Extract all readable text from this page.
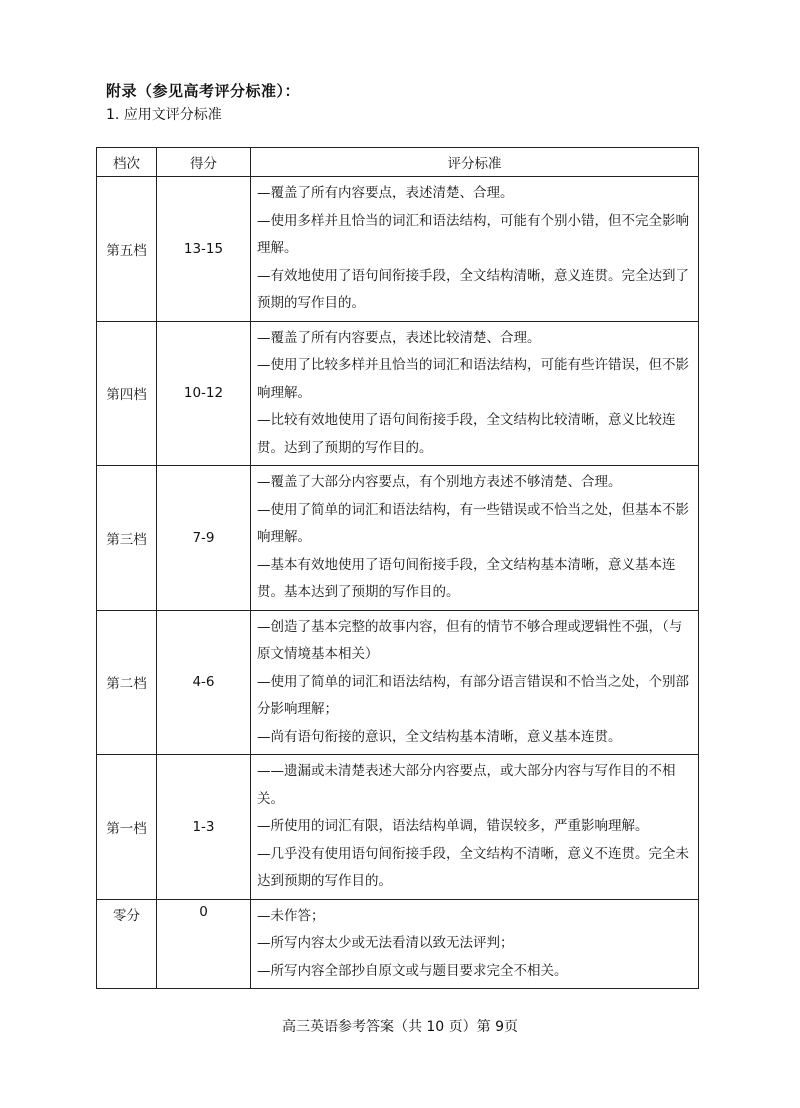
附录（参见高考评分标准）：
1. 应用文评分标准
档次	得分	评分标准
第五档	13-15	—覆盖了所有内容要点，表述清楚、合理。
—使用多样并且恰当的词汇和语法结构，可能有个别小错，但不完全影响理解。
—有效地使用了语句间衔接手段，全文结构清晰，意义连贯。完全达到了预期的写作目的。

第四档	10-12	—覆盖了所有内容要点，表述比较清楚、合理。
—使用了比较多样并且恰当的词汇和语法结构，可能有些许错误，但不影响理解。
—比较有效地使用了语句间衔接手段，全文结构比较清晰，意义比较连贯。达到了预期的写作目的。

第三档	7-9	—覆盖了大部分内容要点，有个别地方表述不够清楚、合理。
—使用了简单的词汇和语法结构，有一些错误或不恰当之处，但基本不影响理解。
—基本有效地使用了语句间衔接手段，全文结构基本清晰，意义基本连贯。基本达到了预期的写作目的。

第二档	4-6	—创造了基本完整的故事内容，但有的情节不够合理或逻辑性不强，（与原文情境基本相关）
—使用了简单的词汇和语法结构，有部分语言错误和不恰当之处，个别部分影响理解；
—尚有语句衔接的意识，全文结构基本清晰，意义基本连贯。

第一档	1-3	——遗漏或未清楚表述大部分内容要点，或大部分内容与写作目的不相关。
—所使用的词汇有限，语法结构单调，错误较多，严重影响理解。
—几乎没有使用语句间衔接手段，全文结构不清晰，意义不连贯。完全未达到预期的写作目的。

零分	0	—未作答；
—所写内容太少或无法看清以致无法评判；
—所写内容全部抄自原文或与题目要求完全不相关。
高三英语参考答案（共 10 页）第 9页
